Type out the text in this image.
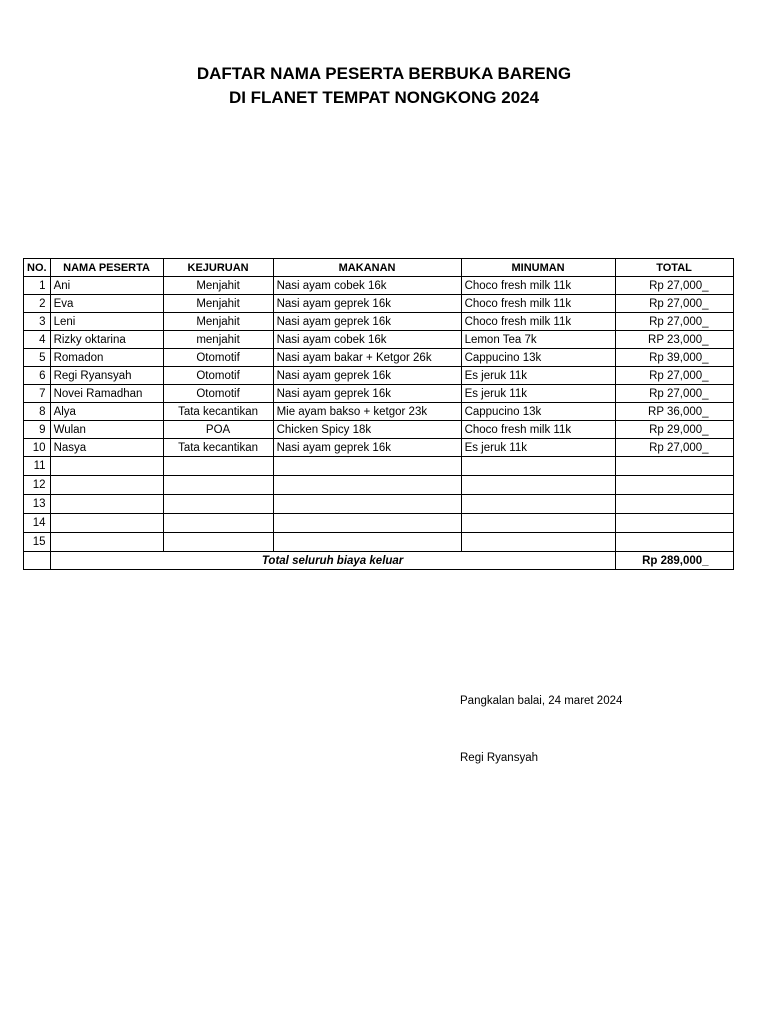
DAFTAR NAMA PESERTA BERBUKA BARENG
DI FLANET TEMPAT NONGKONG 2024
NO.	NAMA PESERTA	KEJURUAN	MAKANAN	MINUMAN	TOTAL
1	Ani	Menjahit	Nasi ayam cobek 16k	Choco fresh milk 11k	Rp 27,000_
2	Eva	Menjahit	Nasi ayam geprek 16k	Choco fresh milk 11k	Rp 27,000_
3	Leni	Menjahit	Nasi ayam geprek 16k	Choco fresh milk 11k	Rp 27,000_
4	Rizky oktarina	menjahit	Nasi ayam cobek 16k	Lemon Tea 7k	RP 23,000_
5	Romadon	Otomotif	Nasi ayam bakar + Ketgor 26k	Cappucino 13k	Rp 39,000_
6	Regi Ryansyah	Otomotif	Nasi ayam geprek 16k	Es jeruk 11k	Rp 27,000_
7	Novei Ramadhan	Otomotif	Nasi ayam geprek 16k	Es jeruk 11k	Rp 27,000_
8	Alya	Tata kecantikan	Mie ayam bakso + ketgor 23k	Cappucino 13k	RP 36,000_
9	Wulan	POA	Chicken Spicy 18k	Choco fresh milk 11k	Rp 29,000_
10	Nasya	Tata kecantikan	Nasi ayam geprek 16k	Es jeruk 11k	Rp 27,000_
11					
12					
13					
14					
15					
	Total seluruh biaya keluar				Rp 289,000_
Pangkalan balai, 24 maret 2024
Regi Ryansyah
